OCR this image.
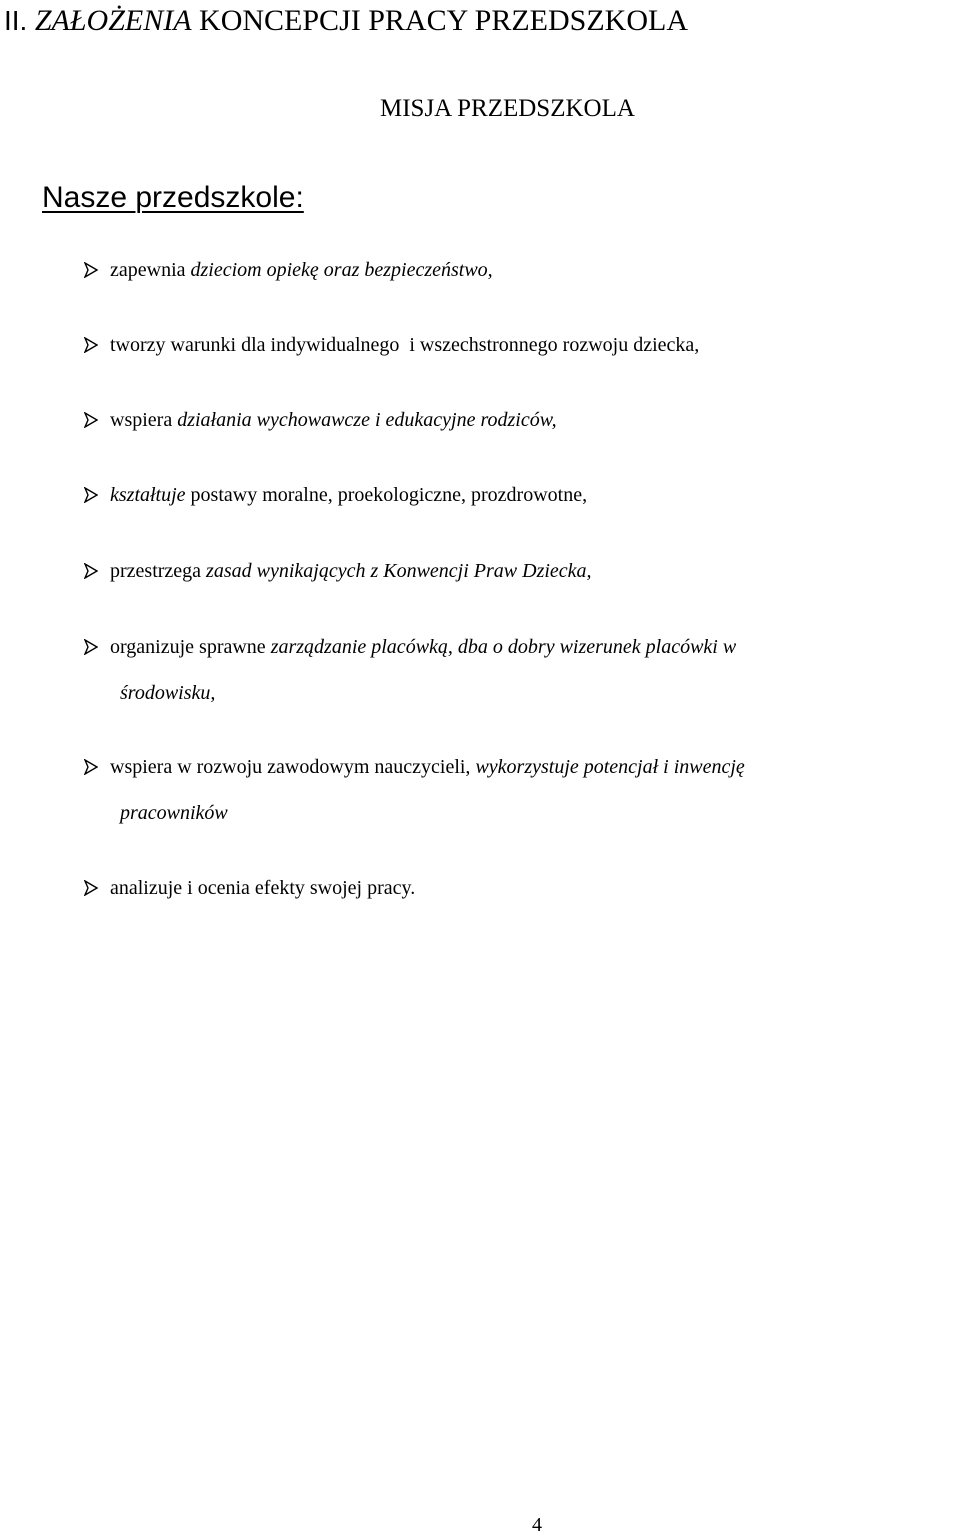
II. ZAŁOŻENIA KONCEPCJI PRACY PRZEDSZKOLA
MISJA PRZEDSZKOLA
Nasze przedszkole:
zapewnia dzieciom opiekę oraz bezpieczeństwo,
tworzy warunki dla indywidualnego  i wszechstronnego rozwoju dziecka,
wspiera działania wychowawcze i edukacyjne rodziców,
kształtuje postawy moralne, proekologiczne, prozdrowotne,
przestrzega zasad wynikających z Konwencji Praw Dziecka,
organizuje sprawne zarządzanie placówką, dba o dobry wizerunek placówki w
środowisku,
wspiera w rozwoju zawodowym nauczycieli, wykorzystuje potencjał i inwencję
pracowników
analizuje i ocenia efekty swojej pracy.
4
